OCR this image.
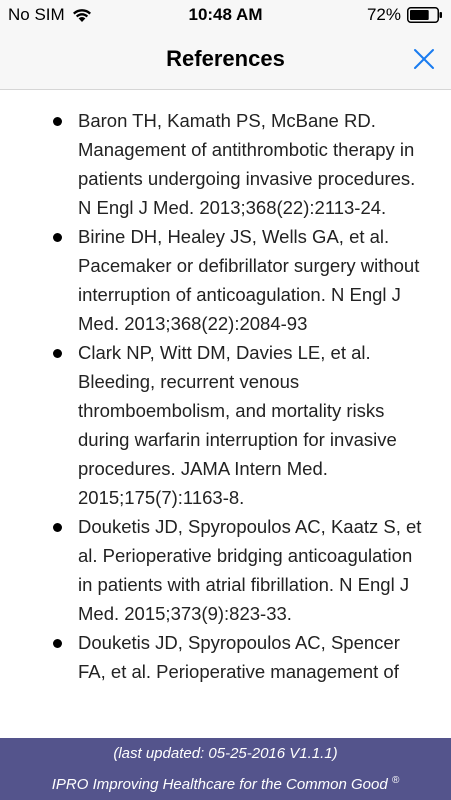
No SIM	10:48 AM	72%
References
Baron TH, Kamath PS, McBane RD. Management of antithrombotic therapy in patients undergoing invasive procedures. N Engl J Med. 2013;368(22):2113-24.
Birine DH, Healey JS, Wells GA, et al. Pacemaker or defibrillator surgery without interruption of anticoagulation. N Engl J Med. 2013;368(22):2084-93
Clark NP, Witt DM, Davies LE, et al. Bleeding, recurrent venous thromboembolism, and mortality risks during warfarin interruption for invasive procedures. JAMA Intern Med. 2015;175(7):1163-8.
Douketis JD, Spyropoulos AC, Kaatz S, et al. Perioperative bridging anticoagulation in patients with atrial fibrillation. N Engl J Med. 2015;373(9):823-33.
Douketis JD, Spyropoulos AC, Spencer FA, et al. Perioperative management of
(last updated: 05-25-2016 V1.1.1)
IPRO Improving Healthcare for the Common Good ®
